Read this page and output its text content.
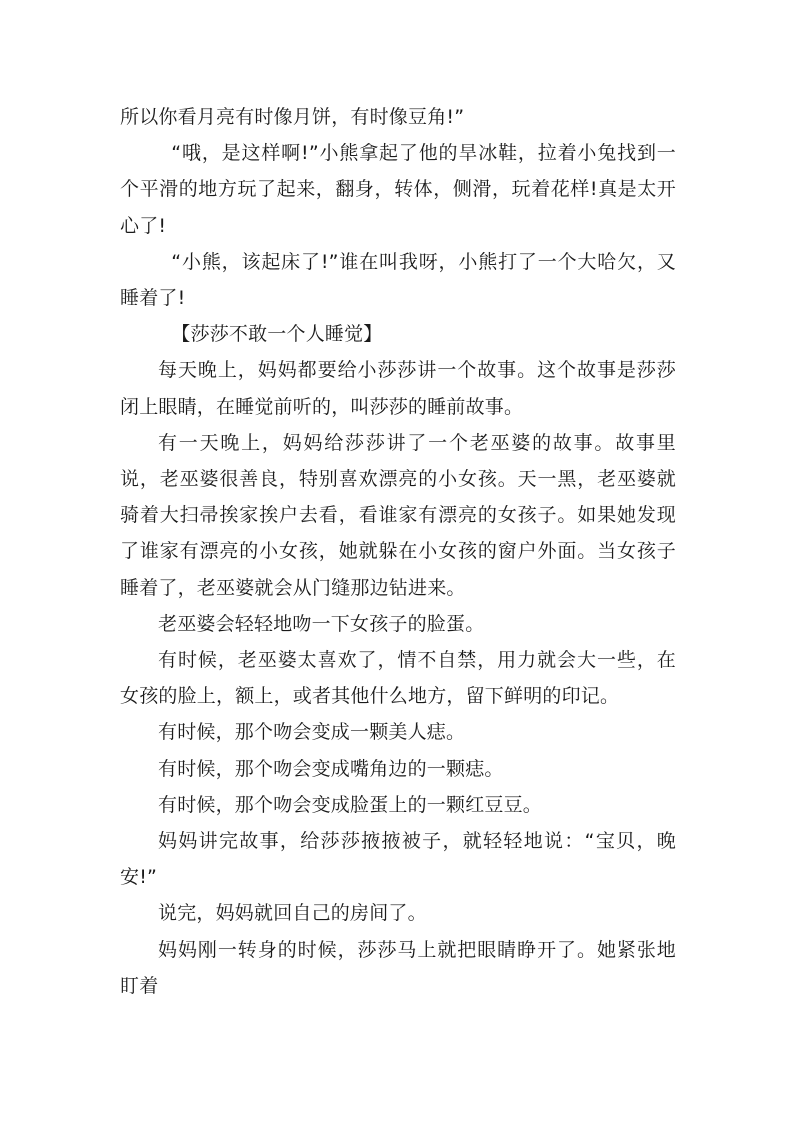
所以你看月亮有时像月饼，有时像豆角!”

“哦，是这样啊!”小熊拿起了他的旱冰鞋，拉着小兔找到一个平滑的地方玩了起来，翻身，转体，侧滑，玩着花样!真是太开心了!

“小熊，该起床了!”谁在叫我呀，小熊打了一个大哈欠，又睡着了!

【莎莎不敢一个人睡觉】

每天晚上，妈妈都要给小莎莎讲一个故事。这个故事是莎莎闭上眼睛，在睡觉前听的，叫莎莎的睡前故事。

有一天晚上，妈妈给莎莎讲了一个老巫婆的故事。故事里说，老巫婆很善良，特别喜欢漂亮的小女孩。天一黑，老巫婆就骑着大扫帚挨家挨户去看，看谁家有漂亮的女孩子。如果她发现了谁家有漂亮的小女孩，她就躲在小女孩的窗户外面。当女孩子睡着了，老巫婆就会从门缝那边钻进来。

老巫婆会轻轻地吻一下女孩子的脸蛋。

有时候，老巫婆太喜欢了，情不自禁，用力就会大一些，在女孩的脸上，额上，或者其他什么地方，留下鲜明的印记。

有时候，那个吻会变成一颗美人痣。

有时候，那个吻会变成嘴角边的一颗痣。

有时候，那个吻会变成脸蛋上的一颗红豆豆。

妈妈讲完故事，给莎莎掖掖被子，就轻轻地说：“宝贝，晚安!”

说完，妈妈就回自己的房间了。

妈妈刚一转身的时候，莎莎马上就把眼睛睁开了。她紧张地盯着
